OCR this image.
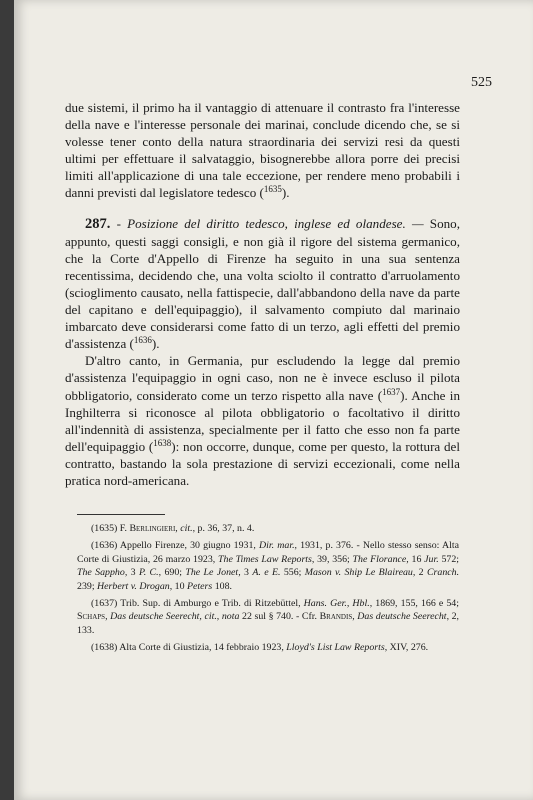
525

due sistemi, il primo ha il vantaggio di attenuare il contrasto fra l'interesse della nave e l'interesse personale dei marinai, conclude dicendo che, se si volesse tener conto della natura straordinaria dei servizi resi da questi ultimi per effettuare il salvataggio, bisognerebbe allora porre dei precisi limiti all'applicazione di una tale eccezione, per rendere meno probabili i danni previsti dal legislatore tedesco ($^{1635}$).

287. - Posizione del diritto tedesco, inglese ed olandese. — Sono, appunto, questi saggi consigli, e non già il rigore del sistema germanico, che la Corte d'Appello di Firenze ha seguito in una sua sentenza recentissima, decidendo che, una volta sciolto il contratto d'arruolamento (scioglimento causato, nella fattispecie, dall'abbandono della nave da parte del capitano e dell'equipaggio), il salvamento compiuto dal marinaio imbarcato deve considerarsi come fatto di un terzo, agli effetti del premio d'assistenza ($^{1636}$).

D'altro canto, in Germania, pur escludendo la legge dal premio d'assistenza l'equipaggio in ogni caso, non ne è invece escluso il pilota obbligatorio, considerato come un terzo rispetto alla nave ($^{1637}$). Anche in Inghilterra si riconosce al pilota obbligatorio o facoltativo il diritto all'indennità di assistenza, specialmente per il fatto che esso non fa parte dell'equipaggio ($^{1638}$): non occorre, dunque, come per questo, la rottura del contratto, bastando la sola prestazione di servizi eccezionali, come nella pratica nord-americana.

(1635) F. Berlingieri, cit., p. 36, 37, n. 4.

(1636) Appello Firenze, 30 giugno 1931, Dir. mar., 1931, p. 376. - Nello stesso senso: Alta Corte di Giustizia, 26 marzo 1923, The Times Law Reports, 39, 356; The Florance, 16 Jur. 572; The Sappho, 3 P. C., 690; The Le Jonet, 3 A. e E. 556; Mason v. Ship Le Blaireau, 2 Cranch. 239; Herbert v. Drogan, 10 Peters 108.

(1637) Trib. Sup. di Amburgo e Trib. di Ritzebüttel, Hans. Ger., Hbl., 1869, 155, 166 e 54; Schaps, Das deutsche Seerecht, cit., nota 22 sul § 740. - Cfr. Brandis, Das deutsche Seerecht, 2, 133.

(1638) Alta Corte di Giustizia, 14 febbraio 1923, Lloyd's List Law Reports, XIV, 276.
